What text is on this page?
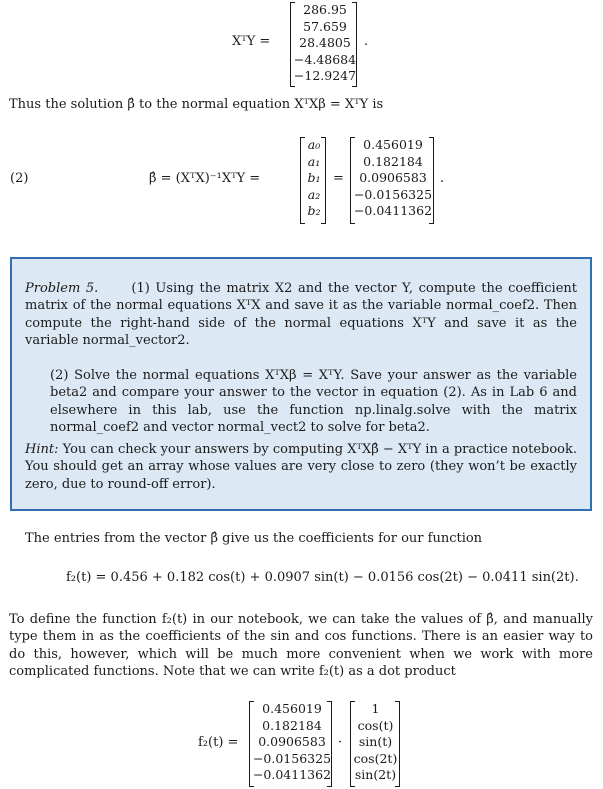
XᵀY =
286.95
57.659
28.4805
−4.48684
−12.9247
.

Thus the solution β̂ to the normal equation XᵀXβ = XᵀY is

(2)	β̂ = (XᵀX)⁻¹XᵀY =
a₀
a₁
b₁
a₂
b₂
=
0.456019
0.182184
0.0906583
−0.0156325
−0.0411362
.

Problem 5.	(1) Using the matrix X2 and the vector Y, compute the coefficient matrix of the normal equations XᵀX and save it as the variable normal_coef2. Then compute the right-hand side of the normal equations XᵀY and save it as the variable normal_vector2.

(2) Solve the normal equations XᵀXβ = XᵀY. Save your answer as the variable beta2 and compare your answer to the vector in equation (2). As in Lab 6 and elsewhere in this lab, use the function np.linalg.solve with the matrix normal_coef2 and vector normal_vect2 to solve for beta2.

Hint: You can check your answers by computing XᵀXβ̂ − XᵀY in a practice notebook. You should get an array whose values are very close to zero (they won’t be exactly zero, due to round-off error).

The entries from the vector β̂ give us the coefficients for our function

f₂(t) = 0.456 + 0.182 cos(t) + 0.0907 sin(t) − 0.0156 cos(2t) − 0.0411 sin(2t).

To define the function f₂(t) in our notebook, we can take the values of β̂, and manually type them in as the coefficients of the sin and cos functions. There is an easier way to do this, however, which will be much more convenient when we work with more complicated functions. Note that we can write f₂(t) as a dot product

f₂(t) =
0.456019
0.182184
0.0906583
−0.0156325
−0.0411362
·
1
cos(t)
sin(t)
cos(2t)
sin(2t)
